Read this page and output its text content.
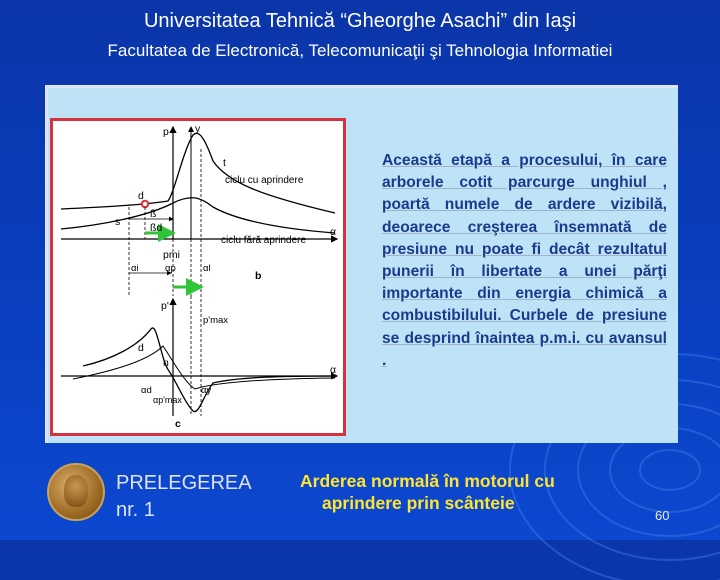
Universitatea Tehnică “Gheorghe Asachi” din Iaşi
Facultatea de Electronică, Telecomunicaţii şi Tehnologia Informatiei
p y
t
d
s
ß
ßd
ciclu cu aprindere
ciclu fără aprindere
α
pmi
αi	αp	αl
b
p'
p'max
d
n
α
αd	αy
αp'max
c
Această etapă a procesului, în care arborele cotit parcurge unghiul , poartă numele de ardere vizibilă, deoarece creşterea însemnată de presiune nu poate fi decât rezultatul punerii în libertate a unei părţi importante din energia chimică a combustibilului. Curbele de presiune se desprind înaintea p.m.i. cu avansul .
PRELEGEREA
nr. 1
Arderea normală în motorul cu
aprindere prin scânteie
60
